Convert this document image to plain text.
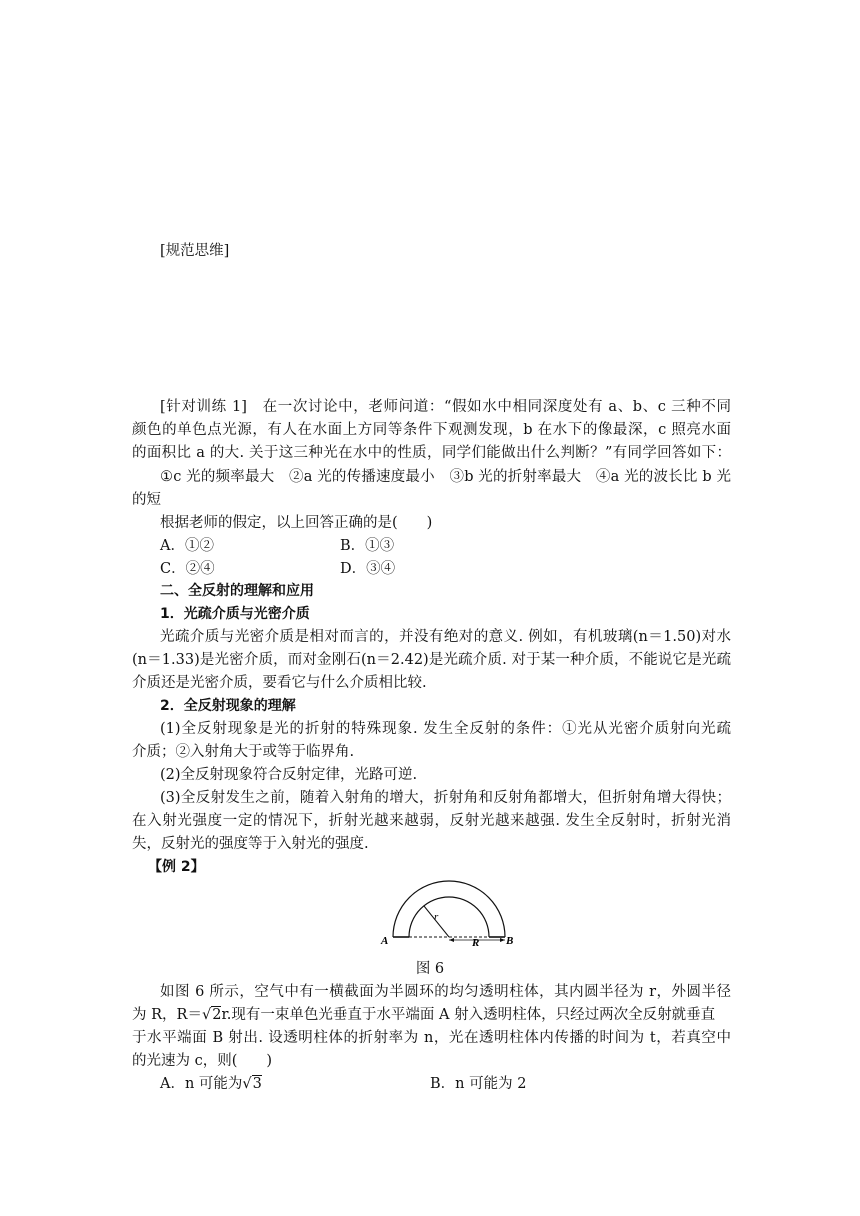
[规范思维]
[针对训练 1]　在一次讨论中，老师问道：“假如水中相同深度处有 a、b、c 三种不同
颜色的单色点光源，有人在水面上方同等条件下观测发现，b 在水下的像最深，c 照亮水面
的面积比 a 的大. 关于这三种光在水中的性质，同学们能做出什么判断？”有同学回答如下：
①c 光的频率最大　②a 光的传播速度最小　③b 光的折射率最大　④a 光的波长比 b 光
的短
根据老师的假定，以上回答正确的是(　　)
A．①②	B．①③
C．②④	D．③④
二、全反射的理解和应用
1．光疏介质与光密介质
光疏介质与光密介质是相对而言的，并没有绝对的意义. 例如，有机玻璃(n＝1.50)对水
(n＝1.33)是光密介质，而对金刚石(n＝2.42)是光疏介质. 对于某一种介质，不能说它是光疏
介质还是光密介质，要看它与什么介质相比较.
2．全反射现象的理解
(1)全反射现象是光的折射的特殊现象. 发生全反射的条件：①光从光密介质射向光疏
介质；②入射角大于或等于临界角.
(2)全反射现象符合反射定律，光路可逆.
(3)全反射发生之前，随着入射角的增大，折射角和反射角都增大，但折射角增大得快；
在入射光强度一定的情况下，折射光越来越弱，反射光越来越强. 发生全反射时，折射光消
失，反射光的强度等于入射光的强度.
【例 2】
r
R
A	B
图 6
如图 6 所示，空气中有一横截面为半圆环的均匀透明柱体，其内圆半径为 r，外圆半径
为 R，R＝√2r.现有一束单色光垂直于水平端面 A 射入透明柱体，只经过两次全反射就垂直
于水平端面 B 射出. 设透明柱体的折射率为 n，光在透明柱体内传播的时间为 t，若真空中
的光速为 c，则(　　)
A．n 可能为√3	B．n 可能为 2
